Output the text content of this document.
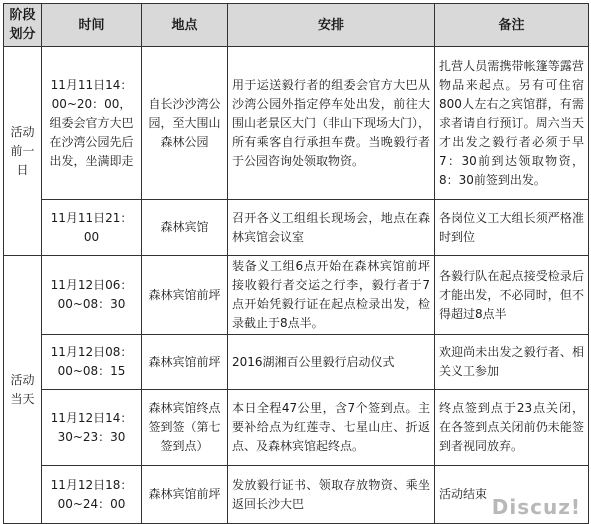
阶段划分	时间	地点	安排	备注
活动前一日	11月11日14：00~20：00，组委会官方大巴在沙湾公园先后出发，坐满即走	自长沙沙湾公园，至大围山森林公园	用于运送毅行者的组委会官方大巴从沙湾公园外指定停车处出发，前往大围山老景区大门（非山下现场大门），所有乘客自行承担车费。当晚毅行者于公园咨询处领取物资。	扎营人员需携带帐篷等露营物品来起点。另有可住宿800人左右之宾馆群，有需求者请自行预订。周六当天才出发之毅行者必须于早7：30前到达领取物资，8：30前签到出发。
	11月11日21：00	森林宾馆	召开各义工组组长现场会，地点在森林宾馆会议室	各岗位义工大组长须严格准时到位
活动当天	11月12日06：00~08：30	森林宾馆前坪	装备义工组6点开始在森林宾馆前坪接收毅行者交运之行李，毅行者于7点开始凭毅行证在起点检录出发，检录截止于8点半。	各毅行队在起点接受检录后才能出发，不必同时，但不得超过8点半
	11月12日08：00~08：15	森林宾馆前坪	2016湖湘百公里毅行启动仪式	欢迎尚未出发之毅行者、相关义工参加
	11月12日14：30~23：30	森林宾馆终点签到签（第七签到点）	本日全程47公里，含7个签到点。主要补给点为红莲寺、七星山庄、折返点、及森林宾馆起终点。	终点签到点于23点关闭，在各签到点关闭前仍未能签到者视同放弃。
	11月12日18：00~24：00	森林宾馆前坪	发放毅行证书、领取存放物资、乘坐返回长沙大巴	活动结束
Discuz!
